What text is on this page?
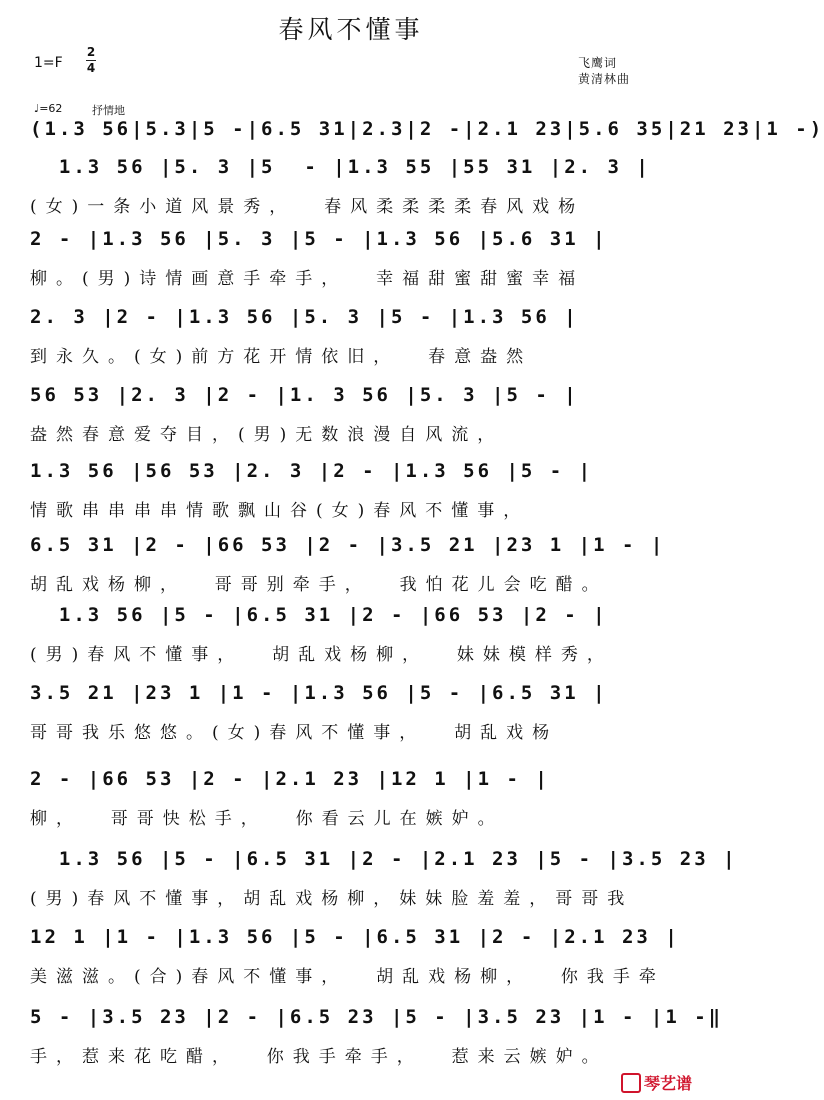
春风不懂事
1=F
2
4	飞鹰词
黄清林曲
♩=62	抒情地
(1.3 56|5.3|5 -|6.5 31|2.3|2 -|2.1 23|5.6 35|21 23|1 -)
1.3 56 |5. 3 |5  - |1.3 55 |55 31 |2. 3 |
(女)一条小道风景秀，  春风柔柔柔柔春风戏杨
2 - |1.3 56 |5. 3 |5 - |1.3 56 |5.6 31 |
柳。(男)诗情画意手牵手，  幸福甜蜜甜蜜幸福
2. 3 |2 - |1.3 56 |5. 3 |5 - |1.3 56 |
到永久。(女)前方花开情依旧，  春意盎然
56 53 |2. 3 |2 - |1. 3 56 |5. 3 |5 - |
盎然春意爱夺目，(男)无数浪漫自风流，
1.3 56 |56 53 |2. 3 |2 - |1.3 56 |5 - |
情歌串串串串情歌飘山谷(女)春风不懂事，
6.5 31 |2 - |66 53 |2 - |3.5 21 |23 1 |1 - |
胡乱戏杨柳，  哥哥别牵手，  我怕花儿会吃醋。
1.3 56 |5 - |6.5 31 |2 - |66 53 |2 - |
(男)春风不懂事，  胡乱戏杨柳，  妹妹模样秀，
3.5 21 |23 1 |1 - |1.3 56 |5 - |6.5 31 |
哥哥我乐悠悠。(女)春风不懂事，  胡乱戏杨
2 - |66 53 |2 - |2.1 23 |12 1 |1 - |
柳，  哥哥快松手，  你看云儿在嫉妒。
1.3 56 |5 - |6.5 31 |2 - |2.1 23 |5 - |3.5 23 |
(男)春风不懂事，胡乱戏杨柳，妹妹脸羞羞，哥哥我
12 1 |1 - |1.3 56 |5 - |6.5 31 |2 - |2.1 23 |
美滋滋。(合)春风不懂事，  胡乱戏杨柳，  你我手牵
5 - |3.5 23 |2 - |6.5 23 |5 - |3.5 23 |1 - |1 -‖
手，惹来花吃醋，  你我手牵手，  惹来云嫉妒。
琴艺谱
